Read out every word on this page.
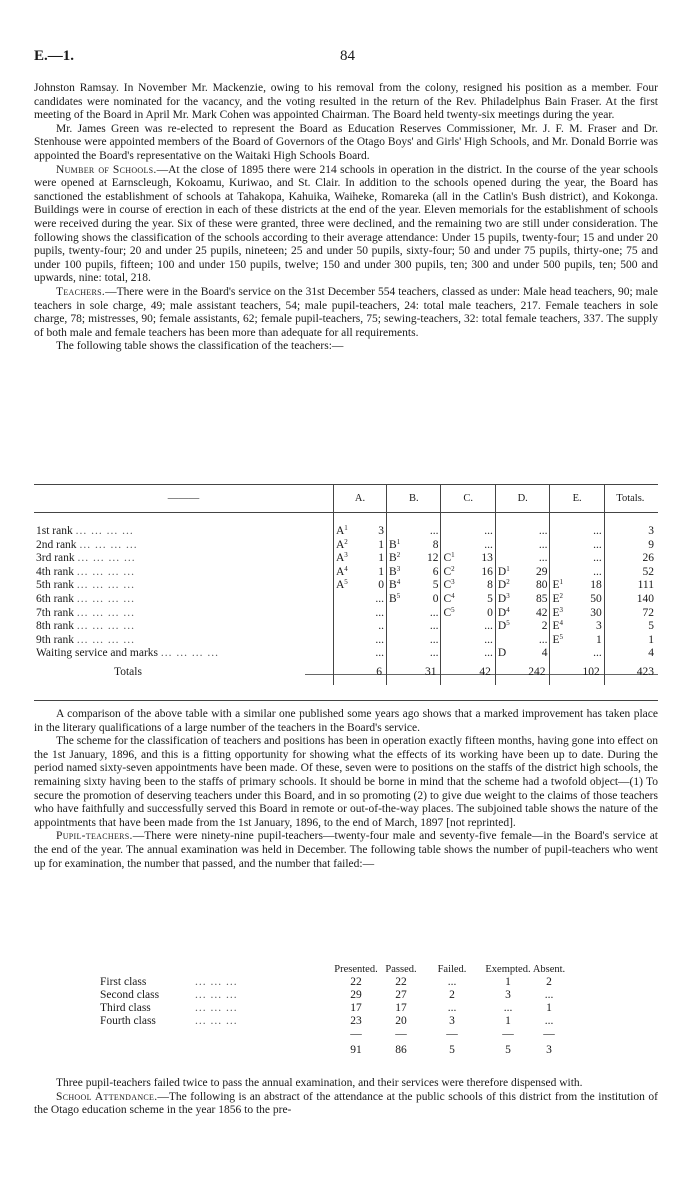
E.—1.	84

Johnston Ramsay. In November Mr. Mackenzie, owing to his removal from the colony, resigned his position as a member. Four candidates were nominated for the vacancy, and the voting resulted in the return of the Rev. Philadelphus Bain Fraser. At the first meeting of the Board in April Mr. Mark Cohen was appointed Chairman. The Board held twenty-six meetings during the year.

Mr. James Green was re-elected to represent the Board as Education Reserves Commissioner, Mr. J. F. M. Fraser and Dr. Stenhouse were appointed members of the Board of Governors of the Otago Boys' and Girls' High Schools, and Mr. Donald Borrie was appointed the Board's representative on the Waitaki High Schools Board.

Number of Schools.—At the close of 1895 there were 214 schools in operation in the district. In the course of the year schools were opened at Earnscleugh, Kokoamu, Kuriwao, and St. Clair. In addition to the schools opened during the year, the Board has sanctioned the establishment of schools at Tahakopa, Kahuika, Waiheke, Romareka (all in the Catlin's Bush district), and Kokonga. Buildings were in course of erection in each of these districts at the end of the year. Eleven memorials for the establishment of schools were received during the year. Six of these were granted, three were declined, and the remaining two are still under consideration. The following shows the classification of the schools according to their average attendance: Under 15 pupils, twenty-four; 15 and under 20 pupils, twenty-four; 20 and under 25 pupils, nineteen; 25 and under 50 pupils, sixty-four; 50 and under 75 pupils, thirty-one; 75 and under 100 pupils, fifteen; 100 and under 150 pupils, twelve; 150 and under 300 pupils, ten; 300 and under 500 pupils, ten; 500 and upwards, nine: total, 218.

Teachers.—There were in the Board's service on the 31st December 554 teachers, classed as under: Male head teachers, 90; male teachers in sole charge, 49; male assistant teachers, 54; male pupil-teachers, 24: total male teachers, 217. Female teachers in sole charge, 78; mistresses, 90; female assistants, 62; female pupil-teachers, 75; sewing-teachers, 32: total female teachers, 337. The supply of both male and female teachers has been more than adequate for all requirements.

The following table shows the classification of the teachers:—

———	A.	B.	C.	D.	E.	Totals.

1st rank ... ... ... ...	$A^1$ 3	...	...	...	...	3
2nd rank ... ... ... ...	$A^2$ 1	$B^1$ 8	...	...	...	9
3rd rank ... ... ... ...	$A^3$ 1	$B^2$ 12	$C^1$ 13	...	...	26
4th rank ... ... ... ...	$A^4$ 1	$B^3$ 6	$C^2$ 16	$D^1$ 29	...	52
5th rank ... ... ... ...	$A^5$ 0	$B^4$ 5	$C^3$ 8	$D^2$ 80	$E^1$ 18	111
6th rank ... ... ... ...	...	$B^5$ 0	$C^4$ 5	$D^3$ 85	$E^2$ 50	140
7th rank ... ... ... ...	...	...	$C^5$ 0	$D^4$ 42	$E^3$ 30	72
8th rank ... ... ... ...	..	...	...	$D^5$ 2	$E^4$ 3	5
9th rank ... ... ... ...	...	...	...	...	$E^5$ 1	1
Waiting service and marks ... ... ... ...	...	...	...	D 4	...	4
Totals	6	31	42	242	102	423

A comparison of the above table with a similar one published some years ago shows that a marked improvement has taken place in the literary qualifications of a large number of the teachers in the Board's service.

The scheme for the classification of teachers and positions has been in operation exactly fifteen months, having gone into effect on the 1st January, 1896, and this is a fitting opportunity for showing what the effects of its working have been up to date. During the period named sixty-seven appointments have been made. Of these, seven were to positions on the staffs of the district high schools, the remaining sixty having been to the staffs of primary schools. It should be borne in mind that the scheme had a twofold object—(1) To secure the promotion of deserving teachers under this Board, and in so promoting (2) to give due weight to the claims of those teachers who have faithfully and successfully served this Board in remote or out-of-the-way places. The subjoined table shows the nature of the appointments that have been made from the 1st January, 1896, to the end of March, 1897 [not reprinted].

Pupil-teachers.—There were ninety-nine pupil-teachers—twenty-four male and seventy-five female—in the Board's service at the end of the year. The annual examination was held in December. The following table shows the number of pupil-teachers who went up for examination, the number that passed, and the number that failed:—

Presented. Passed.	Failed.	Exempted. Absent.
First class	22	22	...	1	2
... ... ...
Second class	29	27	2	3	...
... ... ...
Third class	17	17	...	...	1
... ... ...
Fourth class	23	20	3	1	...
... ... ...
—	—	—	—	—
91	86	5	5	3

Three pupil-teachers failed twice to pass the annual examination, and their services were therefore dispensed with.

School Attendance.—The following is an abstract of the attendance at the public schools of this district from the institution of the Otago education scheme in the year 1856 to the pre-
